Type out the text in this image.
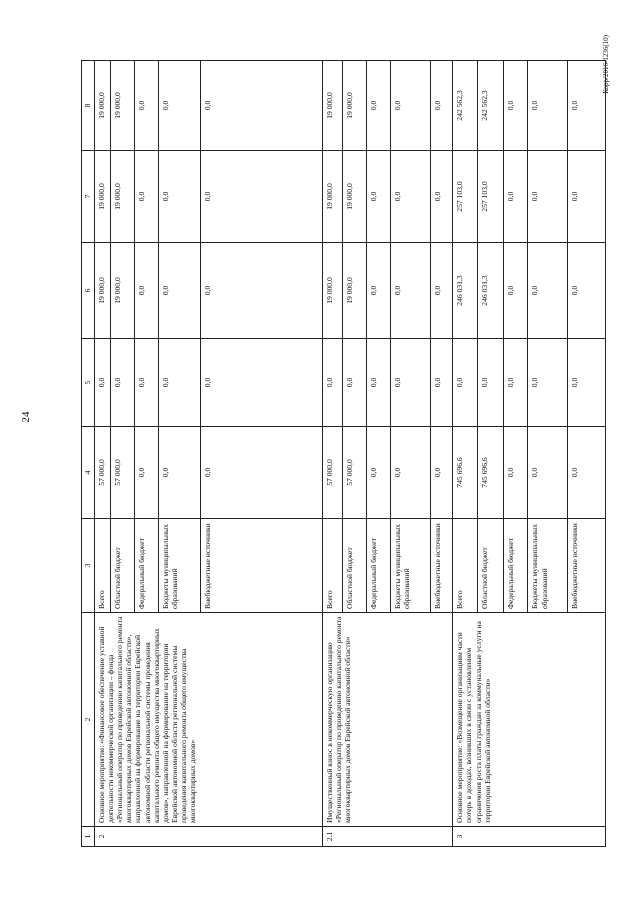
24
Корр/2016-1236(10)
1	2	3	4	5	6	7	8
2	Основное мероприятие: «Финансовое обеспечение уставной деятельности некоммерческой организации – фонда «Региональный оператор по проведению капитального ремонта многоквартирных домов Еврейской автономной области», направленной на формирование на территории Еврейской автономной области региональной системы проведения капитального ремонта общего имущества многоквартирных домов», направленной на формирование на территории Еврейской автономной области региональной системы проведения капитального ремонта общего имущества многоквартирных домов»	Всего	57 000,0	0,0	19 000,0	19 000,0	19 000,0
		Областной бюджет	57 000,0	0,0	19 000,0	19 000,0	19 000,0
		Федеральный бюджет	0,0	0,0	0,0	0,0	0,0
		Бюджеты муниципальных образований	0,0	0,0	0,0	0,0	0,0
		Внебюджетные источники	0,0	0,0	0,0	0,0	0,0
2.1	Имущественный взнос в некоммерческую организацию «Региональный оператор по проведению капитального ремонта многоквартирных домов Еврейской автономной области»	Всего	57 000,0	0,0	19 000,0	19 000,0	19 000,0
		Областной бюджет	57 000,0	0,0	19 000,0	19 000,0	19 000,0
		Федеральный бюджет	0,0	0,0	0,0	0,0	0,0
		Бюджеты муниципальных образований	0,0	0,0	0,0	0,0	0,0
		Внебюджетные источники	0,0	0,0	0,0	0,0	0,0
3	Основное мероприятие: «Возмещение организациям части потерь в доходах, возникших в связи с установлением ограничения роста платы граждан за коммунальные услуги на территории Еврейской автономной области»	Всего	745 696,6	0,0	246 031,3	257 103,0	242 562,3
		Областной бюджет	745 696,6	0,0	246 031,3	257 103,0	242 562,3
		Федеральный бюджет	0,0	0,0	0,0	0,0	0,0
		Бюджеты муниципальных образований	0,0	0,0	0,0	0,0	0,0
		Внебюджетные источники	0,0	0,0	0,0	0,0	0,0
